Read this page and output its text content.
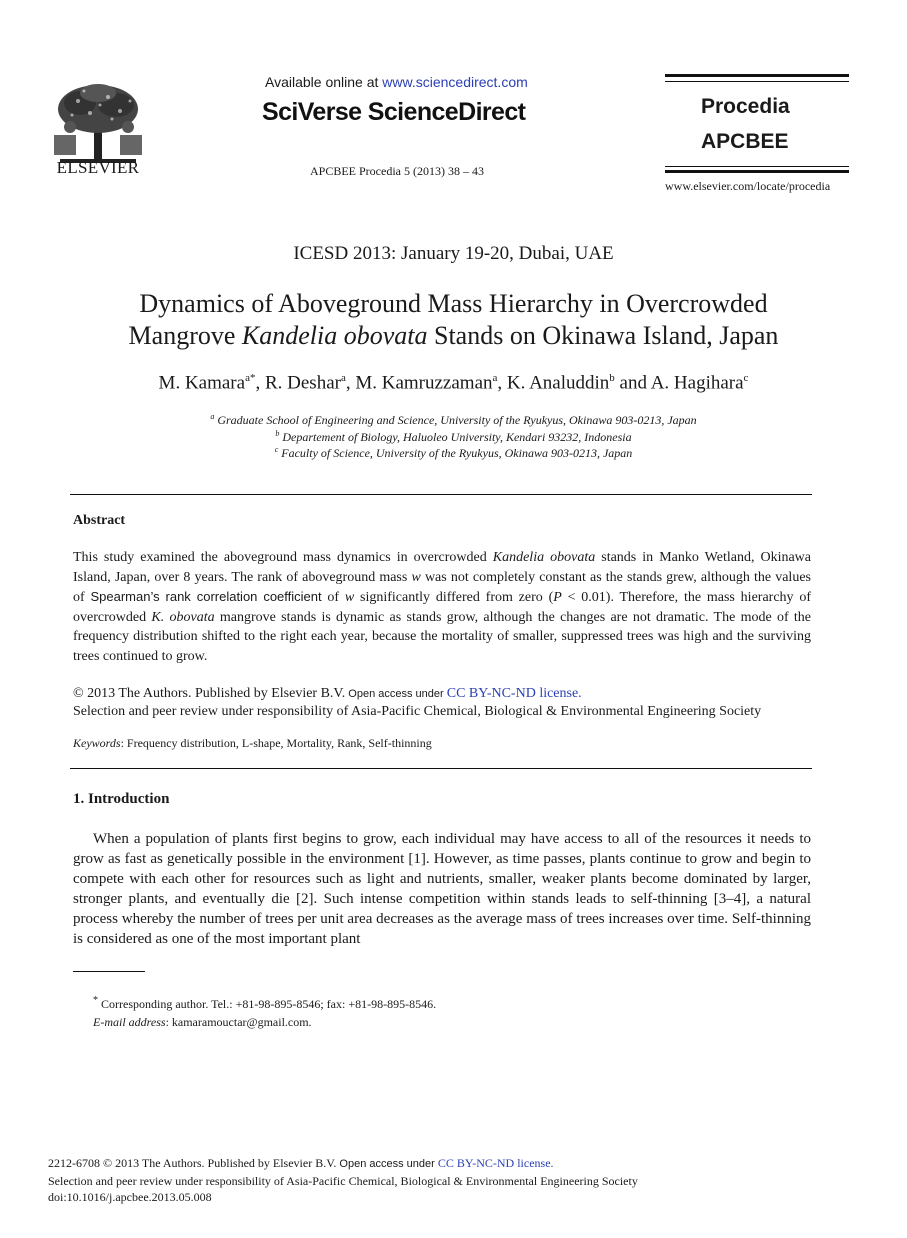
ELSEVIER
Available online at www.sciencedirect.com
SciVerse ScienceDirect
APCBEE Procedia 5 (2013) 38 – 43
Procedia
APCBEE
www.elsevier.com/locate/procedia
ICESD 2013: January 19-20, Dubai, UAE
Dynamics of Aboveground Mass Hierarchy in Overcrowded
Mangrove Kandelia obovata Stands on Okinawa Island, Japan
M. Kamara$^{a*}$, R. Deshar$^a$, M. Kamruzzaman$^a$, K. Analuddin$^b$ and A. Hagihara$^c$
$^a$ Graduate School of Engineering and Science, University of the Ryukyus, Okinawa 903-0213, Japan
$^b$ Departement of Biology, Haluoleo University, Kendari 93232, Indonesia
$^c$ Faculty of Science, University of the Ryukyus, Okinawa 903-0213, Japan
Abstract
This study examined the aboveground mass dynamics in overcrowded Kandelia obovata stands in Manko Wetland, Okinawa Island, Japan, over 8 years. The rank of aboveground mass w was not completely constant as the stands grew, although the values of Spearman’s rank correlation coefficient of w significantly differed from zero (P < 0.01). Therefore, the mass hierarchy of overcrowded K. obovata mangrove stands is dynamic as stands grow, although the changes are not dramatic. The mode of the frequency distribution shifted to the right each year, because the mortality of smaller, suppressed trees was high and the surviving trees continued to grow.
© 2013 The Authors. Published by Elsevier B.V. Open access under CC BY-NC-ND license.
Selection and peer review under responsibility of Asia-Pacific Chemical, Biological & Environmental Engineering Society
Keywords: Frequency distribution, L-shape, Mortality, Rank, Self-thinning
1. Introduction
When a population of plants first begins to grow, each individual may have access to all of the resources it needs to grow as fast as genetically possible in the environment [1]. However, as time passes, plants continue to grow and begin to compete with each other for resources such as light and nutrients, smaller, weaker plants become dominated by larger, stronger plants, and eventually die [2]. Such intense competition within stands leads to self-thinning [3–4], a natural process whereby the number of trees per unit area decreases as the average mass of trees increases over time. Self-thinning is considered as one of the most important plant
* Corresponding author. Tel.: +81-98-895-8546; fax: +81-98-895-8546.
E-mail address: kamaramouctar@gmail.com.
2212-6708 © 2013 The Authors. Published by Elsevier B.V. Open access under CC BY-NC-ND license.
Selection and peer review under responsibility of Asia-Pacific Chemical, Biological & Environmental Engineering Society
doi:10.1016/j.apcbee.2013.05.008
